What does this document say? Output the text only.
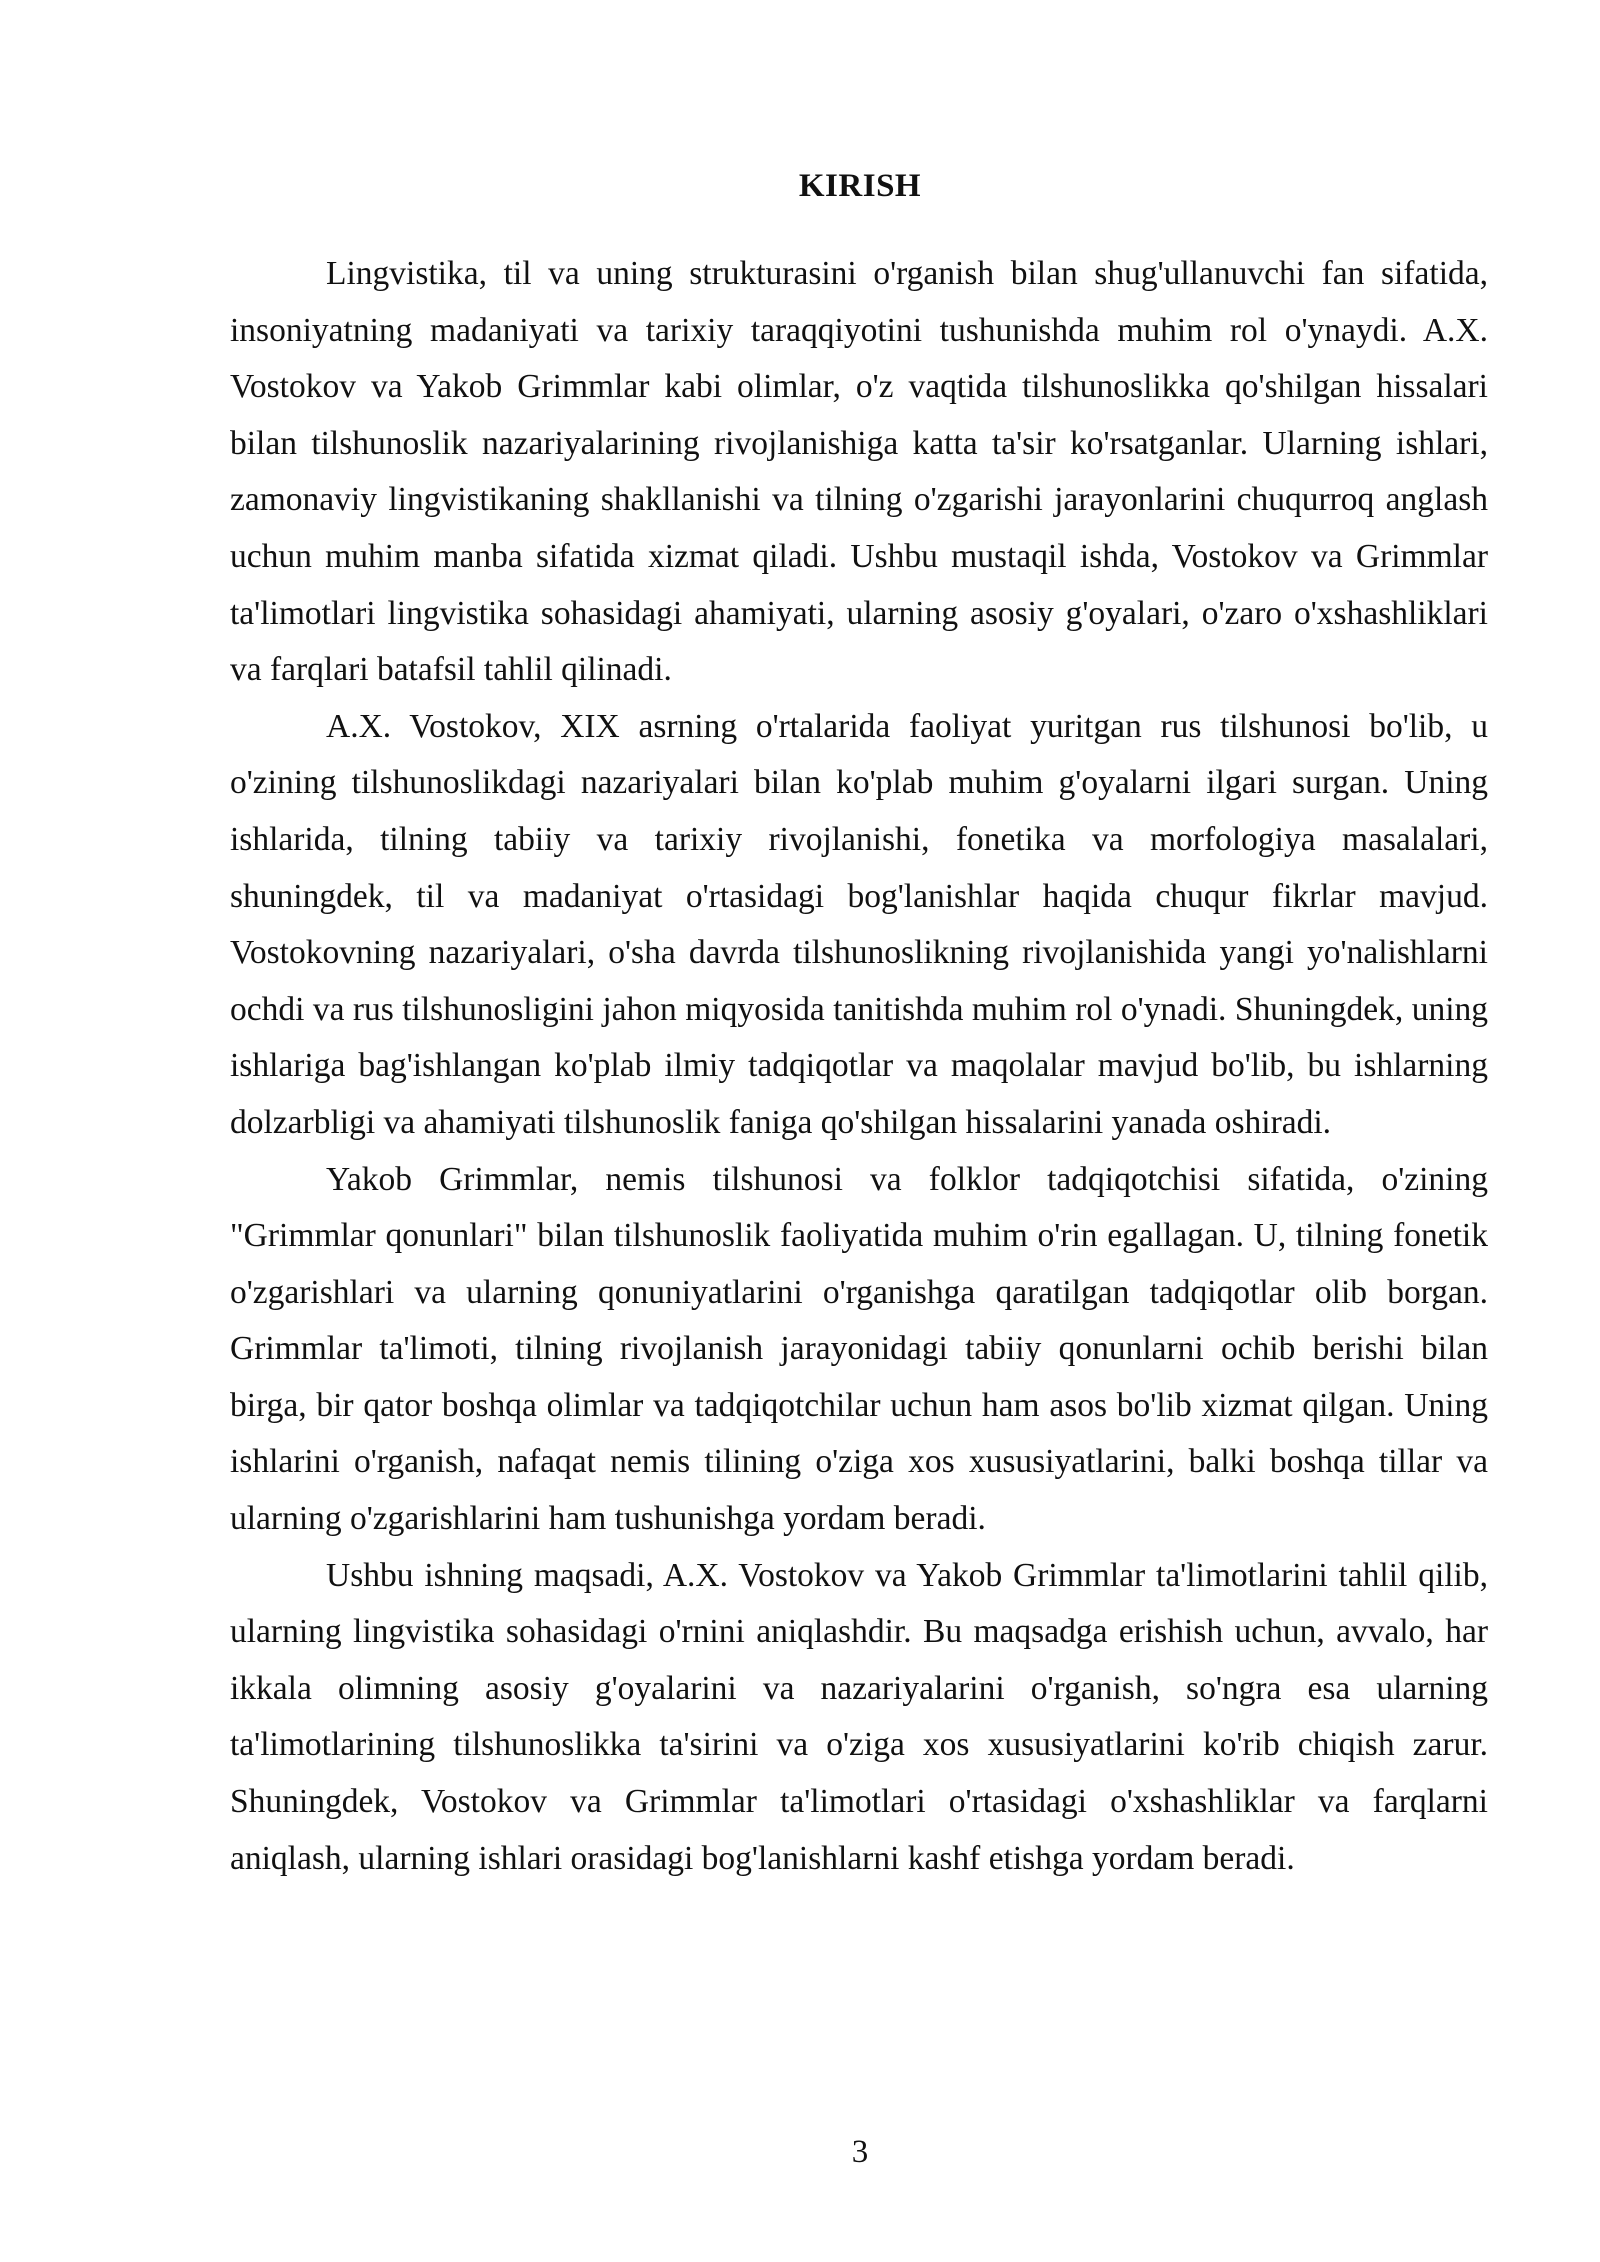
KIRISH

Lingvistika, til va uning strukturasini o'rganish bilan shug'ullanuvchi fan sifatida, insoniyatning madaniyati va tarixiy taraqqiyotini tushunishda muhim rol o'ynaydi. A.X. Vostokov va Yakob Grimmlar kabi olimlar, o'z vaqtida tilshunoslikka qo'shilgan hissalari bilan tilshunoslik nazariyalarining rivojlanishiga katta ta'sir ko'rsatganlar. Ularning ishlari, zamonaviy lingvistikaning shakllanishi va tilning o'zgarishi jarayonlarini chuqurroq anglash uchun muhim manba sifatida xizmat qiladi. Ushbu mustaqil ishda, Vostokov va Grimmlar ta'limotlari lingvistika sohasidagi ahamiyati, ularning asosiy g'oyalari, o'zaro o'xshashliklari va farqlari batafsil tahlil qilinadi.

A.X. Vostokov, XIX asrning o'rtalarida faoliyat yuritgan rus tilshunosi bo'lib, u o'zining tilshunoslikdagi nazariyalari bilan ko'plab muhim g'oyalarni ilgari surgan. Uning ishlarida, tilning tabiiy va tarixiy rivojlanishi, fonetika va morfologiya masalalari, shuningdek, til va madaniyat o'rtasidagi bog'lanishlar haqida chuqur fikrlar mavjud. Vostokovning nazariyalari, o'sha davrda tilshunoslikning rivojlanishida yangi yo'nalishlarni ochdi va rus tilshunosligini jahon miqyosida tanitishda muhim rol o'ynadi. Shuningdek, uning ishlariga bag'ishlangan ko'plab ilmiy tadqiqotlar va maqolalar mavjud bo'lib, bu ishlarning dolzarbligi va ahamiyati tilshunoslik faniga qo'shilgan hissalarini yanada oshiradi.

Yakob Grimmlar, nemis tilshunosi va folklor tadqiqotchisi sifatida, o'zining "Grimmlar qonunlari" bilan tilshunoslik faoliyatida muhim o'rin egallagan. U, tilning fonetik o'zgarishlari va ularning qonuniyatlarini o'rganishga qaratilgan tadqiqotlar olib borgan. Grimmlar ta'limoti, tilning rivojlanish jarayonidagi tabiiy qonunlarni ochib berishi bilan birga, bir qator boshqa olimlar va tadqiqotchilar uchun ham asos bo'lib xizmat qilgan. Uning ishlarini o'rganish, nafaqat nemis tilining o'ziga xos xususiyatlarini, balki boshqa tillar va ularning o'zgarishlarini ham tushunishga yordam beradi.

Ushbu ishning maqsadi, A.X. Vostokov va Yakob Grimmlar ta'limotlarini tahlil qilib, ularning lingvistika sohasidagi o'rnini aniqlashdir. Bu maqsadga erishish uchun, avvalo, har ikkala olimning asosiy g'oyalarini va nazariyalarini o'rganish, so'ngra esa ularning ta'limotlarining tilshunoslikka ta'sirini va o'ziga xos xususiyatlarini ko'rib chiqish zarur. Shuningdek, Vostokov va Grimmlar ta'limotlari o'rtasidagi o'xshashliklar va farqlarni aniqlash, ularning ishlari orasidagi bog'lanishlarni kashf etishga yordam beradi.

3
